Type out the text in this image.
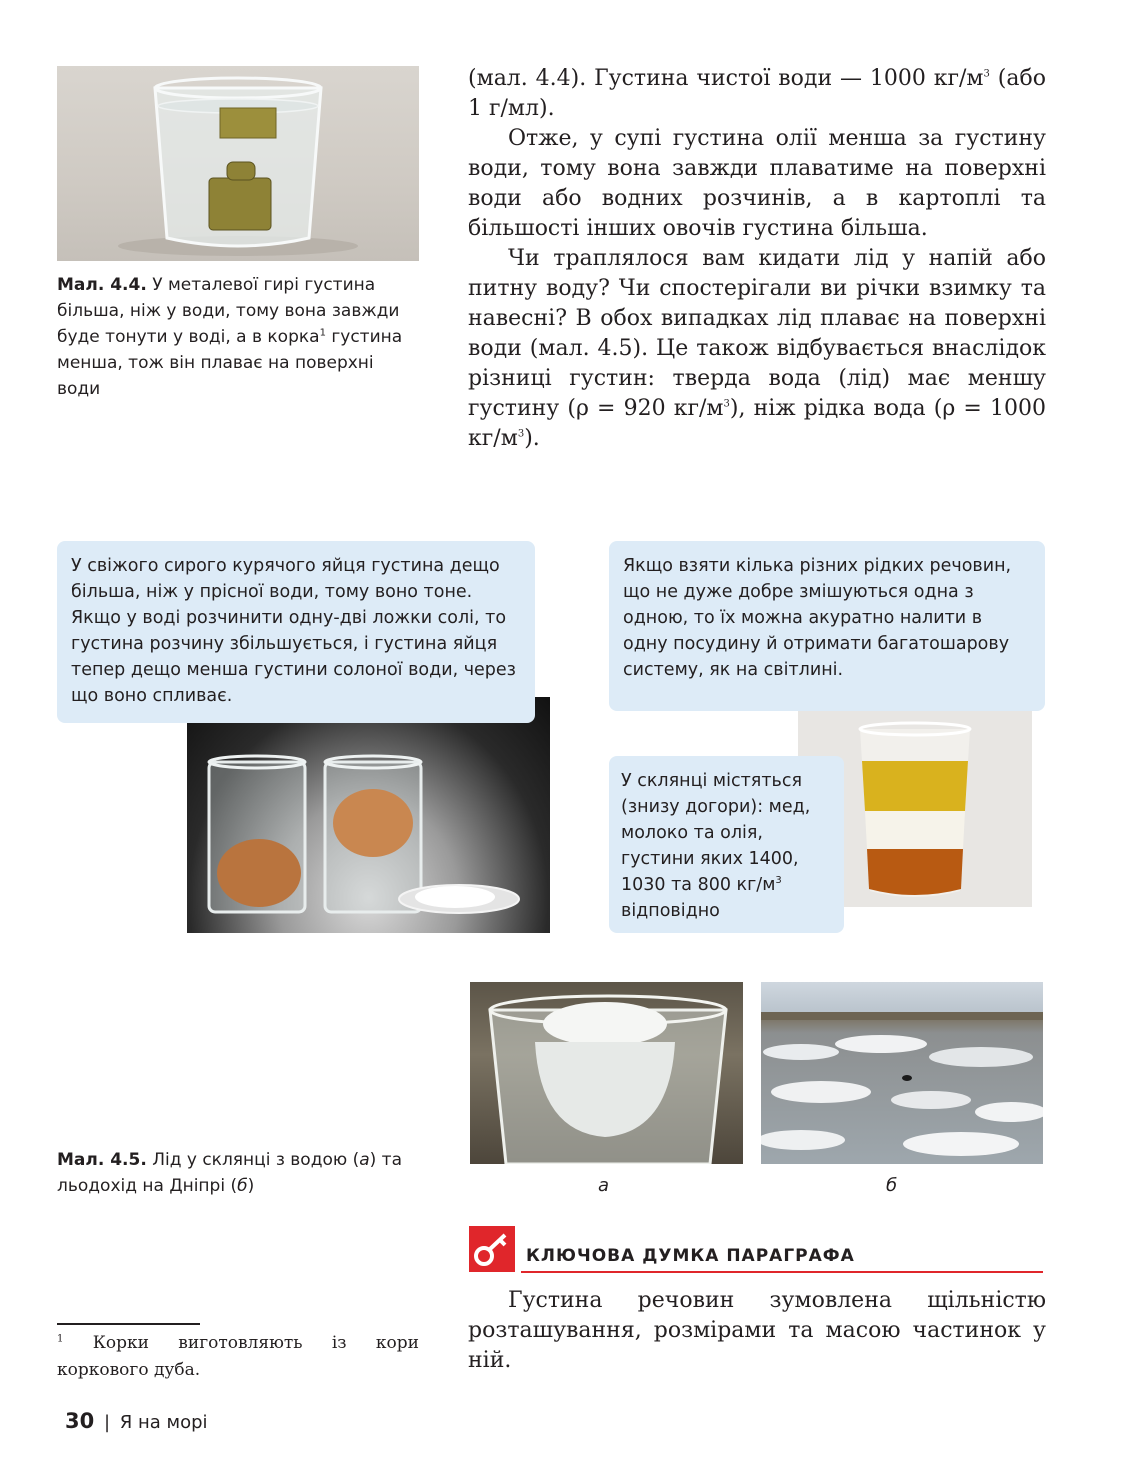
Мал. 4.4. У металевої гирі густина більша, ніж у води, тому вона завжди буде тонути у воді, а в корка$^1$ густина менша, тож він плаває на поверхні води

(мал. 4.4). Густина чистої води — 1000 $кг/м^3$ (або 1 г/мл).

Отже, у супі густина олії менша за густину води, тому вона завжди плаватиме на поверхні води або водних розчинів, а в картоплі та більшості інших овочів густина більша.

Чи траплялося вам кидати лід у напій або питну воду? Чи спостерігали ви річки взимку та навесні? В обох випадках лід плаває на поверхні води (мал. 4.5). Це також відбувається внаслідок різниці густин: тверда вода (лід) має меншу густину (ρ = 920 $кг/м^3$), ніж рідка вода (ρ = 1000 $кг/м^3$).

У свіжого сирого курячого яйця густина дещо більша, ніж у прісної води, тому воно тоне. Якщо у воді розчинити одну-дві ложки солі, то густина розчину збільшується, і густина яйця тепер дещо менша густини солоної води, через що воно спливає.
Якщо взяти кілька різних рідких речовин, що не дуже добре змішуються одна з одною, то їх можна акуратно налити в одну посудину й отримати багатошарову систему, як на світлині.
У склянці містяться (знизу догори): мед, молоко та олія, густини яких 1400, 1030 та 800 $кг/м^3$ відповідно
а	б
Мал. 4.5. Лід у склянці з водою (а) та льодохід на Дніпрі (б)
КЛЮЧОВА ДУМКА ПАРАГРАФА

Густина речовин зумовлена щільністю розташування, розмірами та масою частинок у ній.

$^1$ Корки виготовляють із кори коркового дуба.
30 | Я на морі
